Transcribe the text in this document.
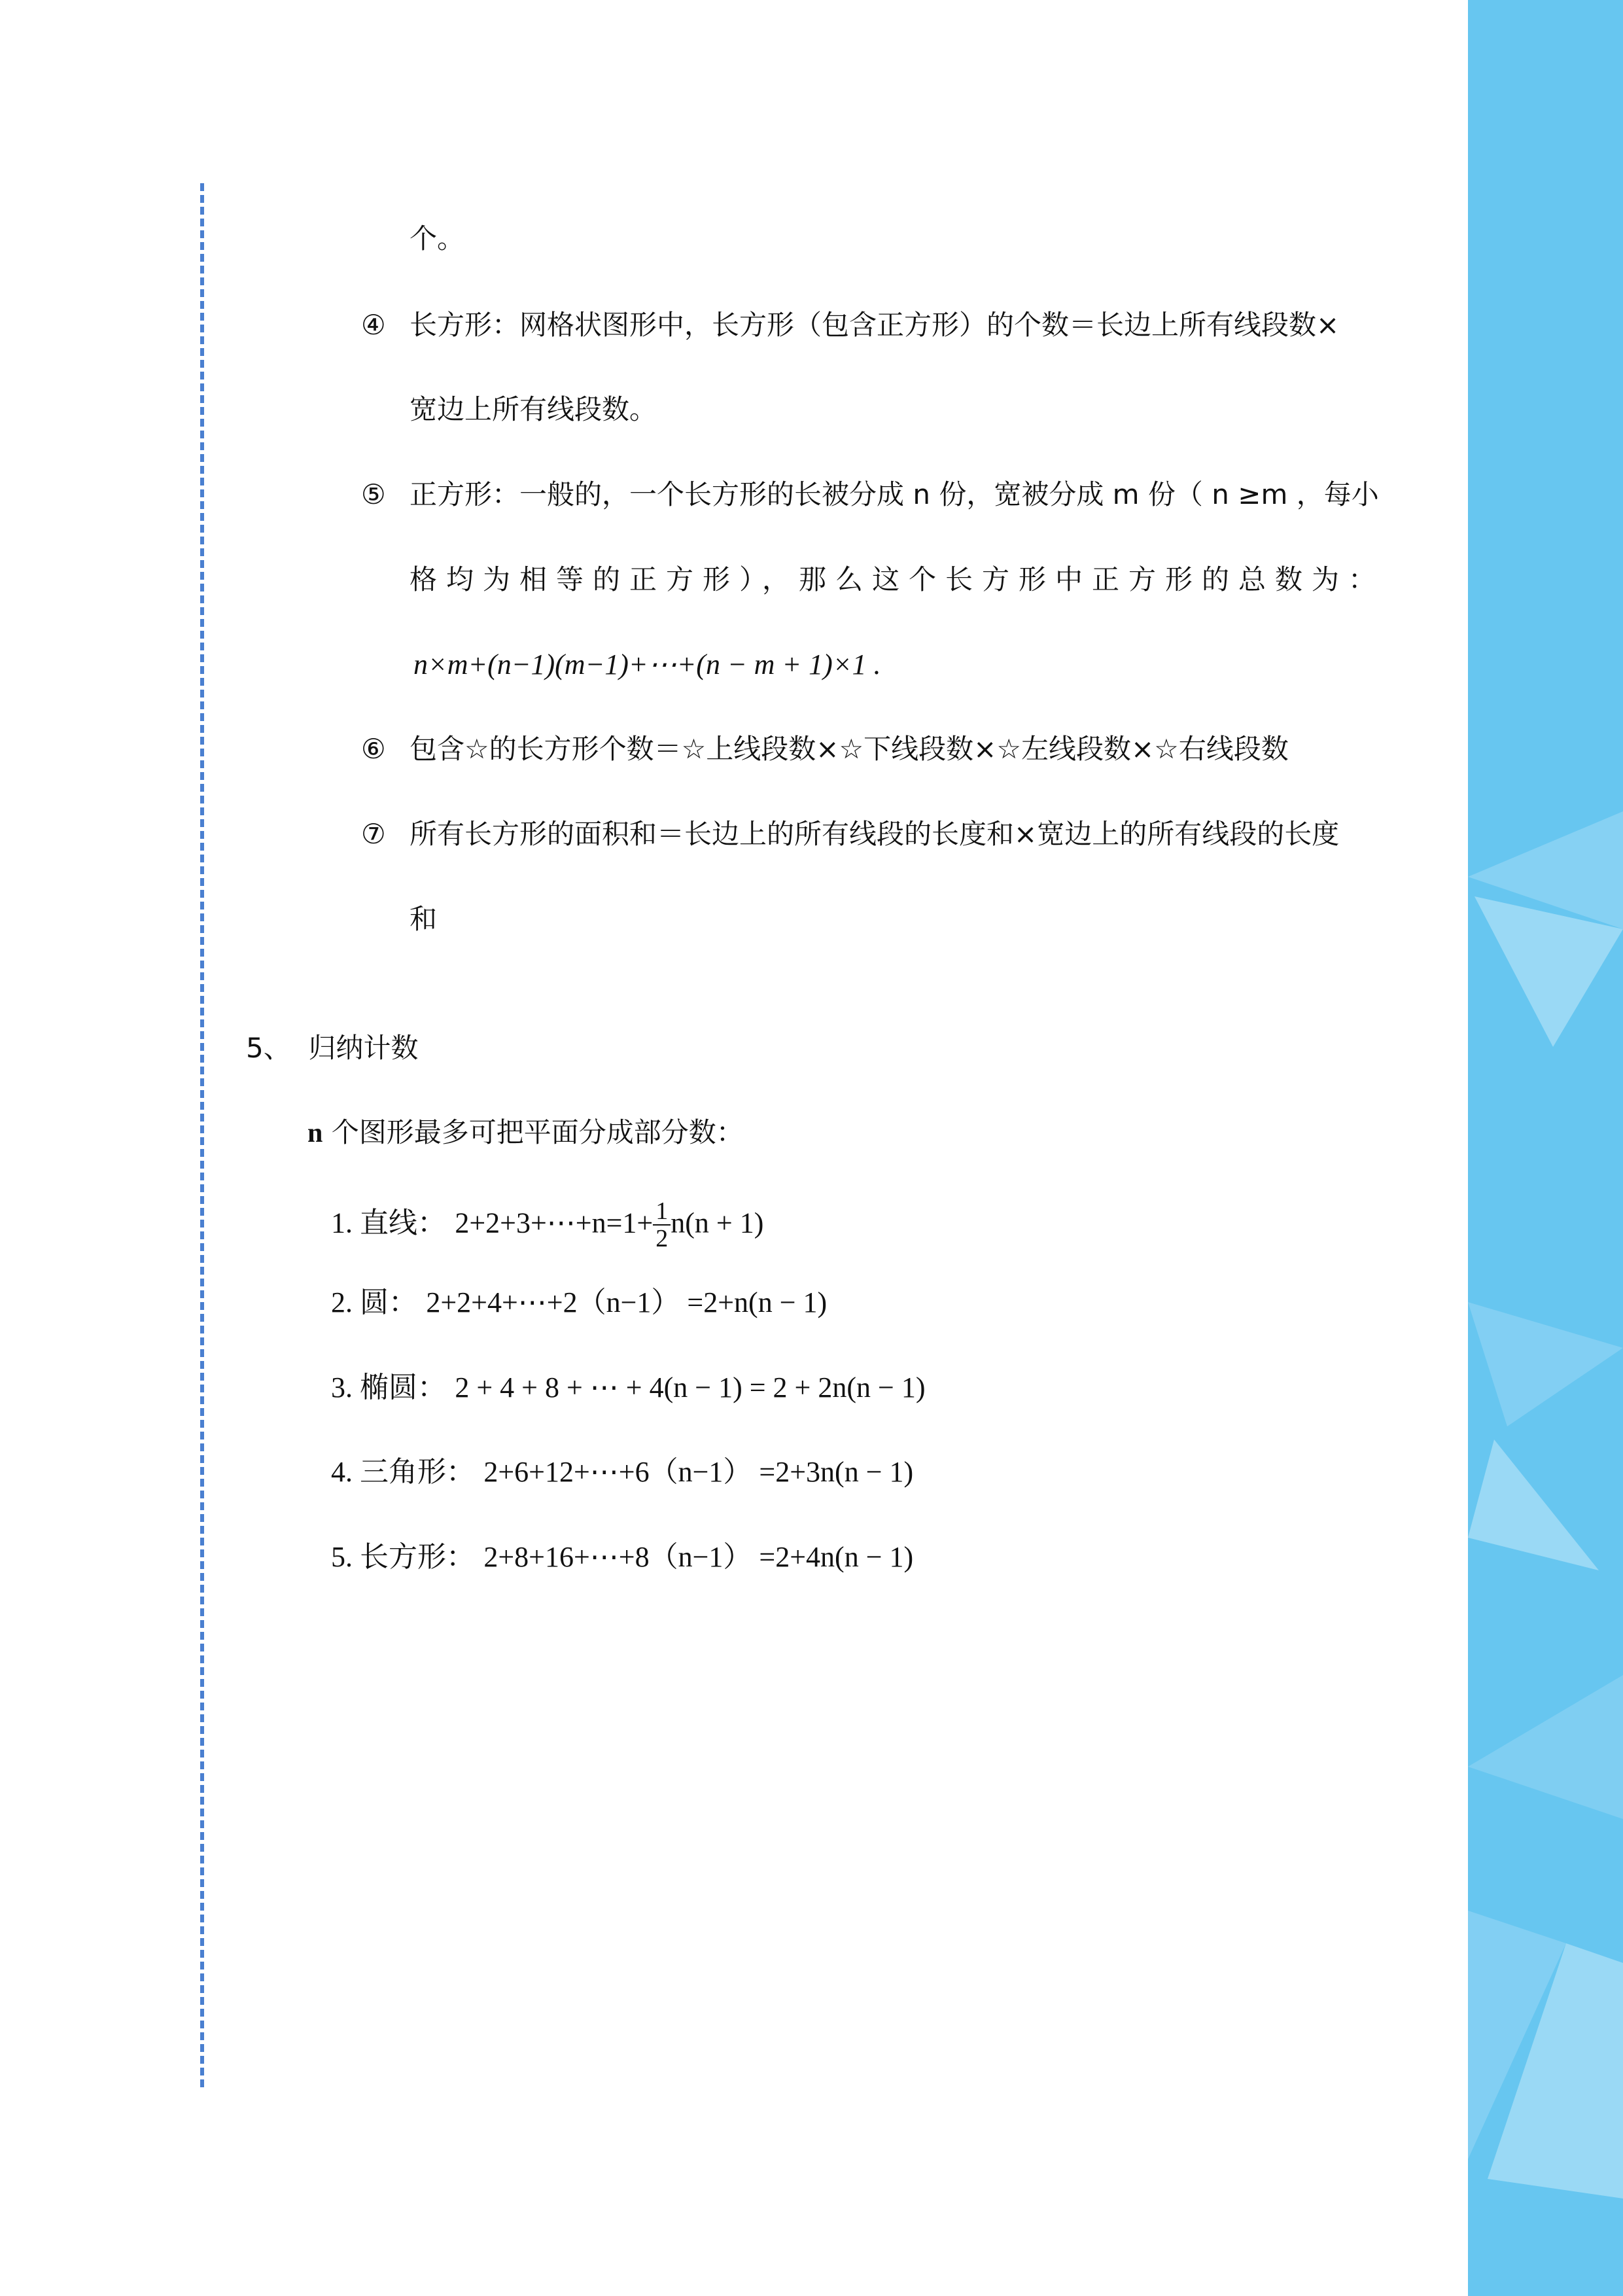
个。
④ 长方形：网格状图形中，长方形（包含正方形）的个数＝长边上所有线段数×
宽边上所有线段数。
⑤ 正方形：一般的，一个长方形的长被分成 n 份，宽被分成 m 份（ n ≥m ，每小
格均为相等的正方形），那么这个长方形中正方形的总数为：
n×m+(n−1)(m−1)+⋯+(n − m + 1)×1 .
⑥ 包含☆的长方形个数＝☆上线段数×☆下线段数×☆左线段数×☆右线段数
⑦ 所有长方形的面积和＝长边上的所有线段的长度和×宽边上的所有线段的长度
和
5、 归纳计数
n 个图形最多可把平面分成部分数：
1. 直线： 2+2+3+⋯+n=1+ $\frac{1}{2} n(n + 1)$
2. 圆： 2+2+4+⋯+2（n−1） =2+n(n − 1)
3. 椭圆： 2 + 4 + 8 + ⋯ + 4(n − 1) = 2 + 2n(n − 1)
4. 三角形： 2+6+12+⋯+6（n−1） =2+3n(n − 1)
5. 长方形： 2+8+16+⋯+8（n−1） =2+4n(n − 1)
